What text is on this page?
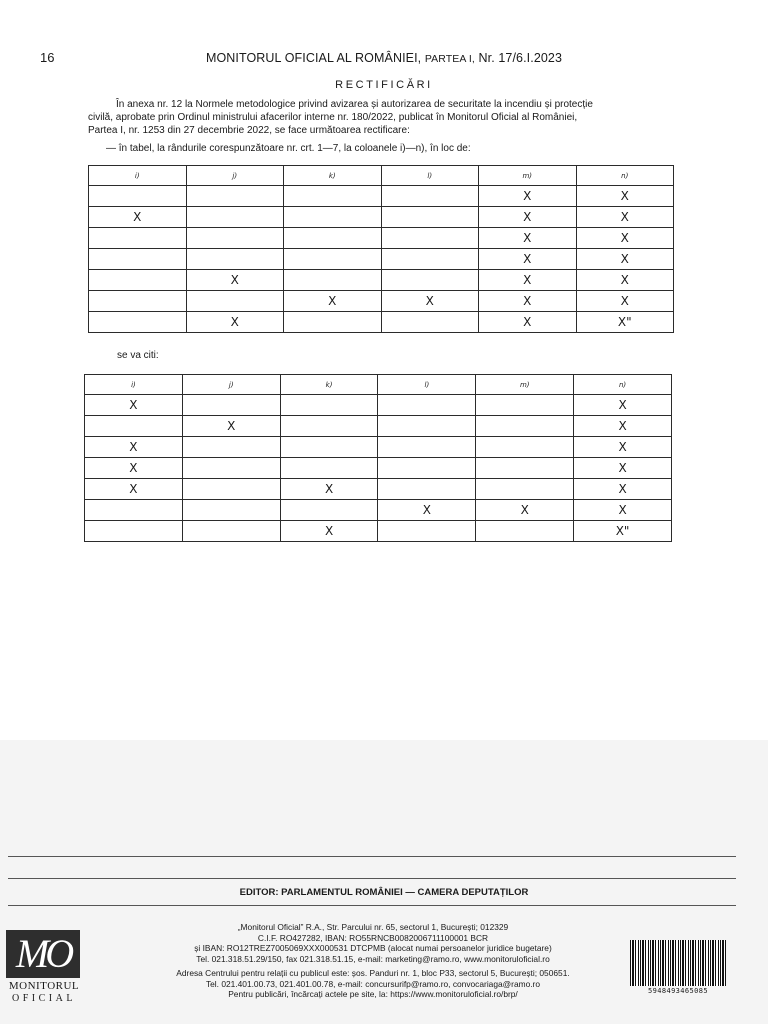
16	MONITORUL OFICIAL AL ROMÂNIEI, PARTEA I, Nr. 17/6.I.2023
RECTIFICĂRI
În anexa nr. 12 la Normele metodologice privind avizarea și autorizarea de securitate la incendiu și protecție
civilă, aprobate prin Ordinul ministrului afacerilor interne nr. 180/2022, publicat în Monitorul Oficial al României,
Partea I, nr. 1253 din 27 decembrie 2022, se face următoarea rectificare:
— în tabel, la rândurile corespunzătoare nr. crt. 1—7, la coloanele i)—n), în loc de:
i)	j)	k)	l)	m)	n)
				X	X
X				X	X
				X	X
				X	X
	X			X	X
		X	X	X	X
	X			X	X"
se va citi:
i)	j)	k)	l)	m)	n)
X					X
	X				X
X					X
X					X
X		X			X
			X	X	X
		X			X"
EDITOR: PARLAMENTUL ROMÂNIEI — CAMERA DEPUTAȚILOR
MO
MONITORUL
OFICIAL
„Monitorul Oficial” R.A., Str. Parcului nr. 65, sectorul 1, București; 012329
C.I.F. RO427282, IBAN: RO55RNCB0082006711100001 BCR
și IBAN: RO12TREZ7005069XXX000531 DTCPMB (alocat numai persoanelor juridice bugetare)
Tel. 021.318.51.29/150, fax 021.318.51.15, e-mail: marketing@ramo.ro, www.monitoruloficial.ro
Adresa Centrului pentru relații cu publicul este: șos. Panduri nr. 1, bloc P33, sectorul 5, București; 050651.
Tel. 021.401.00.73, 021.401.00.78, e-mail: concursurifp@ramo.ro, convocariaga@ramo.ro
Pentru publicări, încărcați actele pe site, la: https://www.monitoruloficial.ro/brp/	5948493465085
